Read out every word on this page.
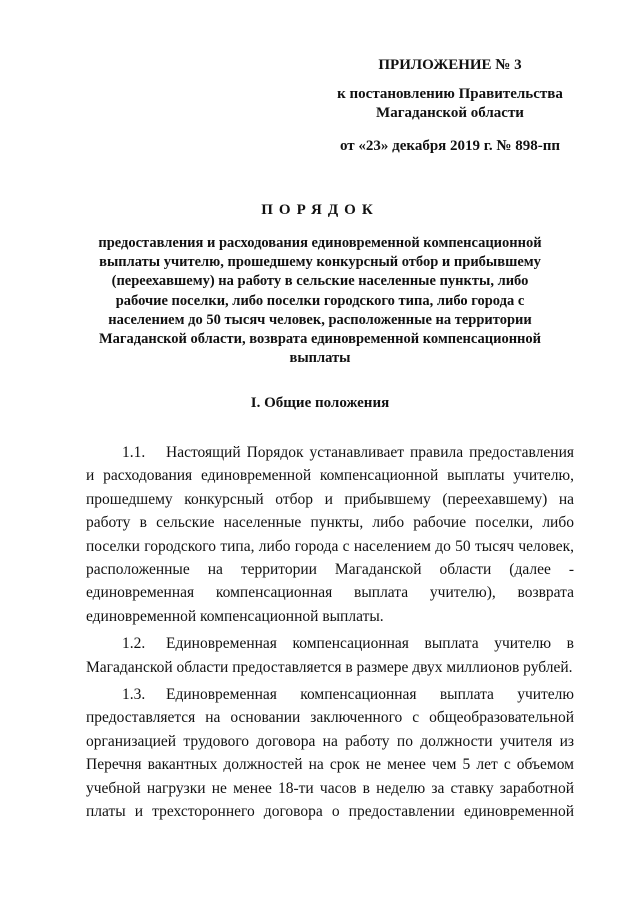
ПРИЛОЖЕНИЕ № 3
к постановлению Правительства
Магаданской области
от «23» декабря 2019 г. № 898-пп
ПОРЯДОК
предоставления и расходования единовременной компенсационной выплаты учителю, прошедшему конкурсный отбор и прибывшему (переехавшему) на работу в сельские населенные пункты, либо рабочие поселки, либо поселки городского типа, либо города с населением до 50 тысяч человек, расположенные на территории Магаданской области, возврата единовременной компенсационной выплаты
I. Общие положения

1.1. Настоящий Порядок устанавливает правила предоставления и расходования единовременной компенсационной выплаты учителю, прошедшему конкурсный отбор и прибывшему (переехавшему) на работу в сельские населенные пункты, либо рабочие поселки, либо поселки городского типа, либо города с населением до 50 тысяч человек, расположенные на территории Магаданской области (далее - единовременная компенсационная выплата учителю), возврата единовременной компенсационной выплаты.

1.2. Единовременная компенсационная выплата учителю в Магаданской области предоставляется в размере двух миллионов рублей.

1.3. Единовременная компенсационная выплата учителю предоставляется на основании заключенного с общеобразовательной организацией трудового договора на работу по должности учителя из Перечня вакантных должностей на срок не менее чем 5 лет с объемом учебной нагрузки не менее 18-ти часов в неделю за ставку заработной платы и трехстороннего договора о предоставлении единовременной
